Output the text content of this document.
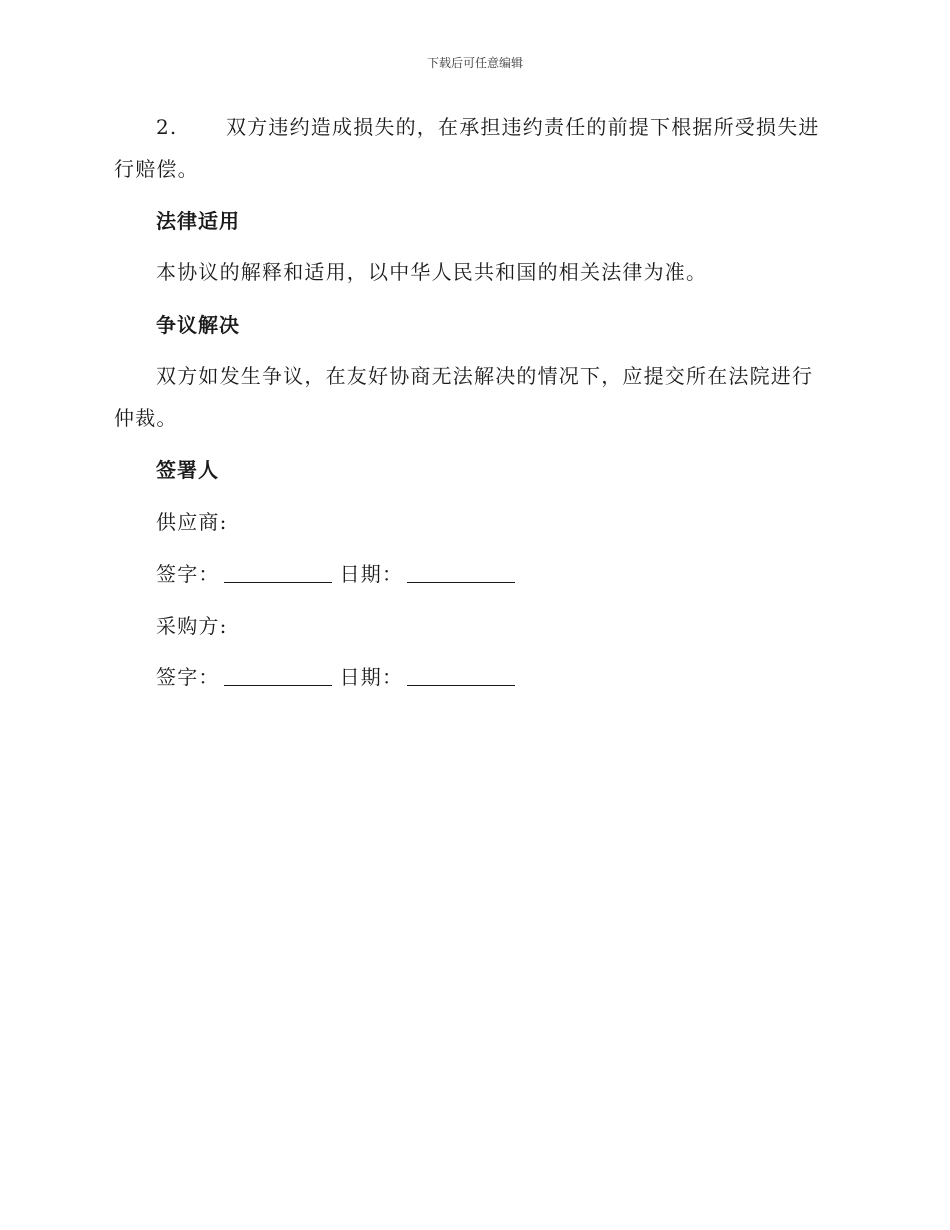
下载后可任意编辑

2. 双方违约造成损失的，在承担违约责任的前提下根据所受损失进行赔偿。

法律适用

本协议的解释和适用，以中华人民共和国的相关法律为准。

争议解决

双方如发生争议，在友好协商无法解决的情况下，应提交所在法院进行仲裁。

签署人
供应商:
签字：	日期：
采购方:
签字：	日期：
